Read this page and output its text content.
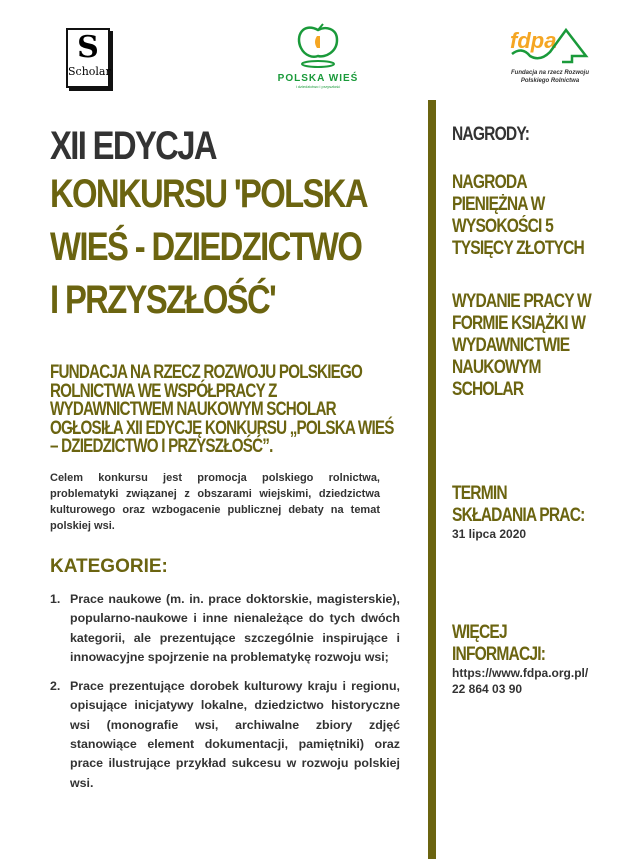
S
Scholar
POLSKA WIEŚ
i dziedzictwo i przyszłość
fdpa
Fundacja na rzecz Rozwoju Polskiego Rolnictwa
XII EDYCJA
KONKURSU 'POLSKA
WIEŚ - DZIEDZICTWO
I PRZYSZŁOŚĆ'
FUNDACJA NA RZECZ ROZWOJU POLSKIEGO ROLNICTWA WE WSPÓŁPRACY Z WYDAWNICTWEM NAUKOWYM SCHOLAR OGŁOSIŁA XII EDYCJĘ KONKURSU „POLSKA WIEŚ – DZIEDZICTWO I PRZYSZŁOŚĆ”.
Celem konkursu jest promocja polskiego rolnictwa, problematyki związanej z obszarami wiejskimi, dziedzictwa kulturowego oraz wzbogacenie publicznej debaty na temat polskiej wsi.
KATEGORIE:
1. Prace naukowe (m. in. prace doktorskie, magisterskie), popularno-naukowe i inne nienależące do tych dwóch kategorii, ale prezentujące szczególnie inspirujące i innowacyjne spojrzenie na problematykę rozwoju wsi;
2. Prace prezentujące dorobek kulturowy kraju i regionu, opisujące inicjatywy lokalne, dziedzictwo historyczne wsi (monografie wsi, archiwalne zbiory zdjęć stanowiące element dokumentacji, pamiętniki) oraz prace ilustrujące przykład sukcesu w rozwoju polskiej wsi.
NAGRODY:
NAGRODA
PIENIĘŻNA W
WYSOKOŚCI 5
TYSIĘCY ZŁOTYCH
WYDANIE PRACY W
FORMIE KSIĄŻKI W
WYDAWNICTWIE
NAUKOWYM
SCHOLAR
TERMIN
SKŁADANIA PRAC:
31 lipca 2020
WIĘCEJ
INFORMACJI:
https://www.fdpa.org.pl/
22 864 03 90
